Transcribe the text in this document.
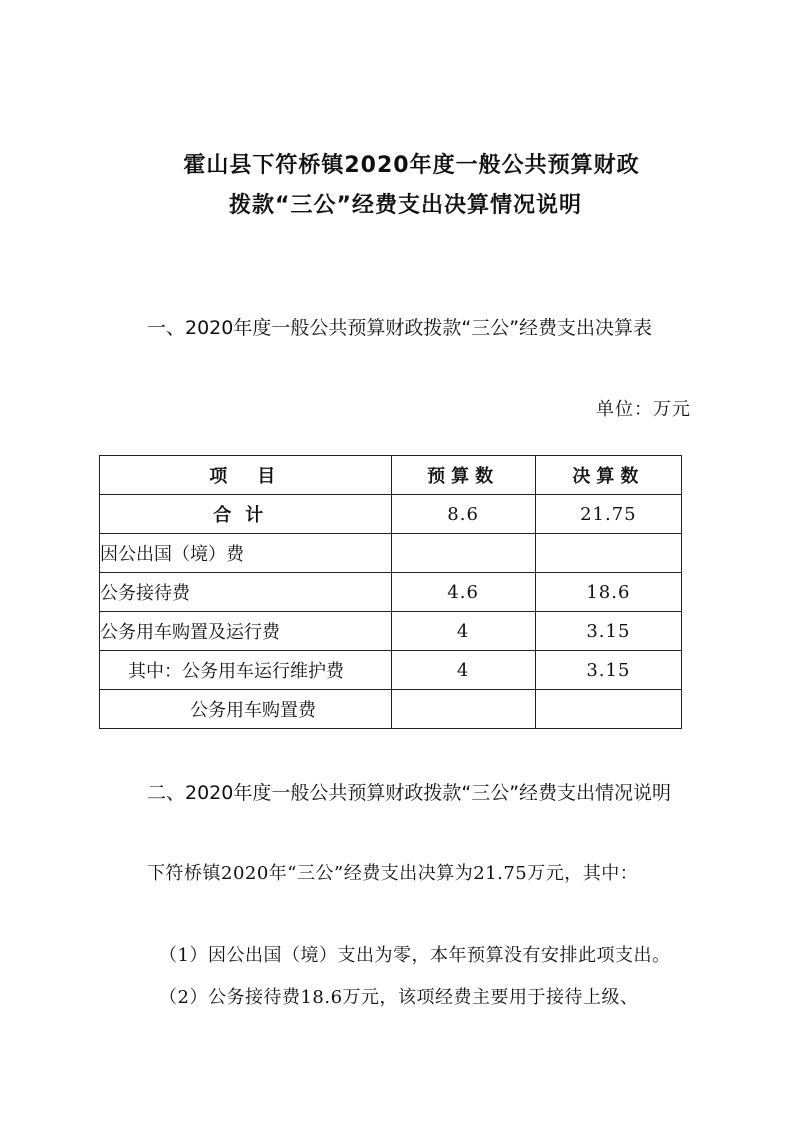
霍山县下符桥镇2020年度一般公共预算财政
拨款“三公”经费支出决算情况说明

一、2020年度一般公共预算财政拨款“三公”经费支出决算表

单位：万元
项　目	预算数	决算数
合计	8.6	21.75
因公出国（境）费		
公务接待费	4.6	18.6
公务用车购置及运行费	4	3.15
其中：公务用车运行维护费	4	3.15
公务用车购置费		

二、2020年度一般公共预算财政拨款“三公”经费支出情况说明

下符桥镇2020年“三公”经费支出决算为21.75万元，其中：

（1）因公出国（境）支出为零，本年预算没有安排此项支出。

（2）公务接待费18.6万元，该项经费主要用于接待上级、
